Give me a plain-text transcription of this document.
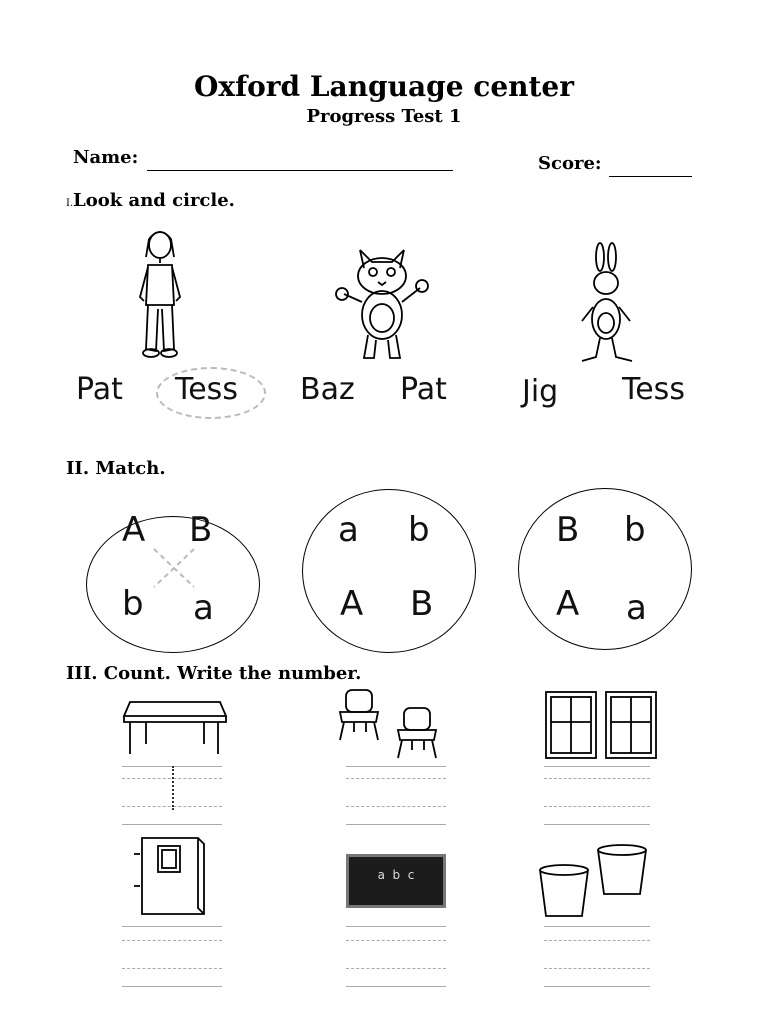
Oxford Language center
Progress Test 1
Name:	Score:
I.Look and circle.
Pat Tess Baz Pat	Jig Tess
II. Match.
A B
b a
a b
A B
B b
A a
III. Count. Write the number.
a  b  c
